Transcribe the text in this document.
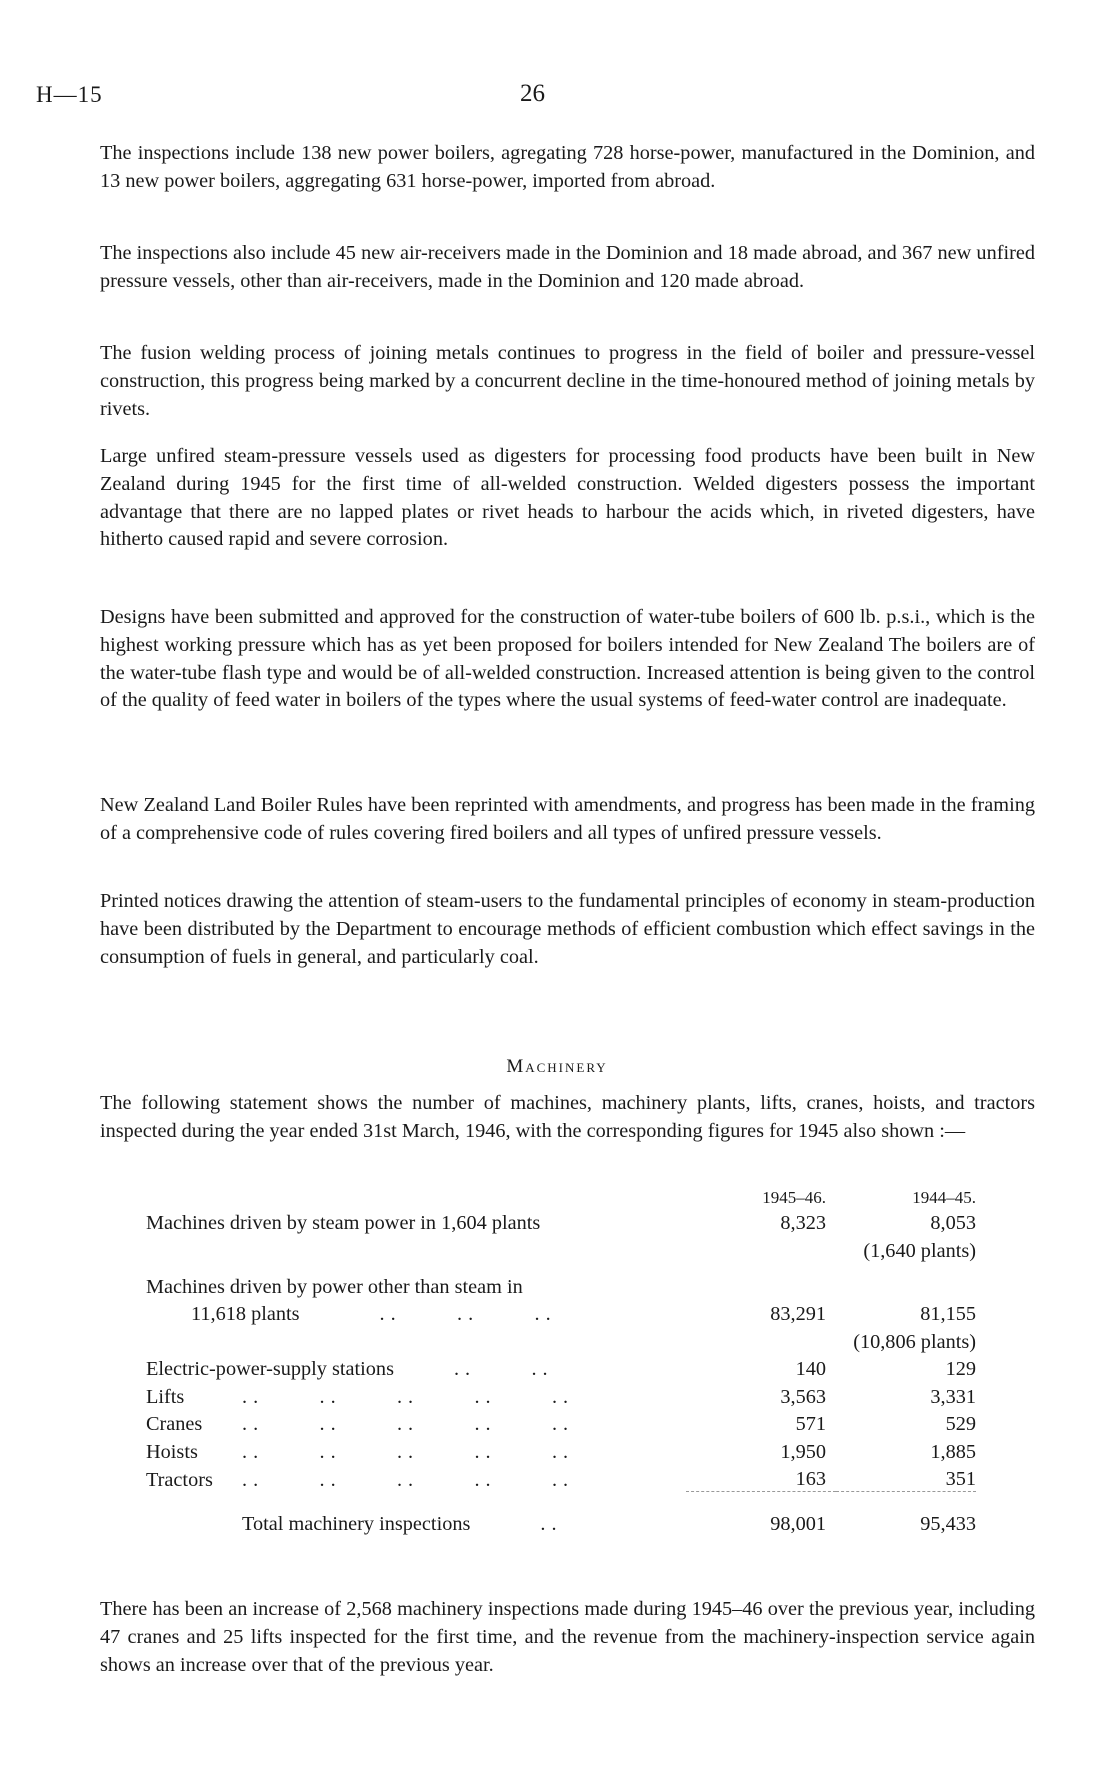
H—15	26

The inspections include 138 new power boilers, agregating 728 horse-power, manufactured in the Dominion, and 13 new power boilers, aggregating 631 horse-power, imported from abroad.

The inspections also include 45 new air-receivers made in the Dominion and 18 made abroad, and 367 new unfired pressure vessels, other than air-receivers, made in the Dominion and 120 made abroad.

The fusion welding process of joining metals continues to progress in the field of boiler and pressure-vessel construction, this progress being marked by a concurrent decline in the time-honoured method of joining metals by rivets.

Large unfired steam-pressure vessels used as digesters for processing food products have been built in New Zealand during 1945 for the first time of all-welded construction. Welded digesters possess the important advantage that there are no lapped plates or rivet heads to harbour the acids which, in riveted digesters, have hitherto caused rapid and severe corrosion.

Designs have been submitted and approved for the construction of water-tube boilers of 600 lb. p.s.i., which is the highest working pressure which has as yet been proposed for boilers intended for New Zealand The boilers are of the water-tube flash type and would be of all-welded construction. Increased attention is being given to the control of the quality of feed water in boilers of the types where the usual systems of feed-water control are inadequate.

New Zealand Land Boiler Rules have been reprinted with amendments, and progress has been made in the framing of a comprehensive code of rules covering fired boilers and all types of unfired pressure vessels.

Printed notices drawing the attention of steam-users to the fundamental principles of economy in steam-production have been distributed by the Department to encourage methods of efficient combustion which effect savings in the consumption of fuels in general, and particularly coal.

Machinery

The following statement shows the number of machines, machinery plants, lifts, cranes, hoists, and tractors inspected during the year ended 31st March, 1946, with the corresponding figures for 1945 also shown :—

	1945–46.	1944–45.
Machines driven by steam power in 1,604 plants	8,323	8,053
		(1,640 plants)
Machines driven by power other than steam in		
11,618 plants ..     ..     ..	83,291	81,155
		(10,806 plants)
Electric-power-supply stations ..     ..	140	129
Lifts ..     ..     ..     ..     ..	3,563	3,331
Cranes ..     ..     ..     ..     ..	571	529
Hoists ..     ..     ..     ..     ..	1,950	1,885
Tractors ..     ..     ..     ..     ..	163	351
Total machinery inspections ..	98,001	95,433

There has been an increase of 2,568 machinery inspections made during 1945–46 over the previous year, including 47 cranes and 25 lifts inspected for the first time, and the revenue from the machinery-inspection service again shows an increase over that of the previous year.
